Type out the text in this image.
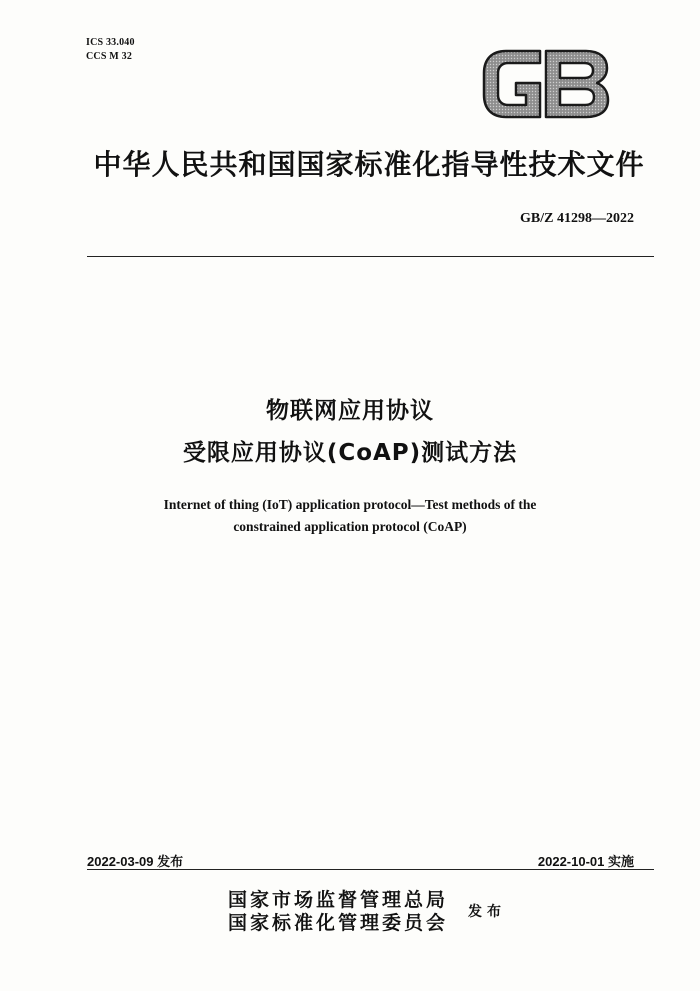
ICS 33.040
CCS M 32
中华人民共和国国家标准化指导性技术文件
GB/Z 41298—2022
物联网应用协议
受限应用协议(CoAP)测试方法
Internet of thing (IoT) application protocol—Test methods of the
constrained application protocol (CoAP)
2022-03-09 发布	2022-10-01 实施
国家市场监督管理总局
国家标准化管理委员会 发布
